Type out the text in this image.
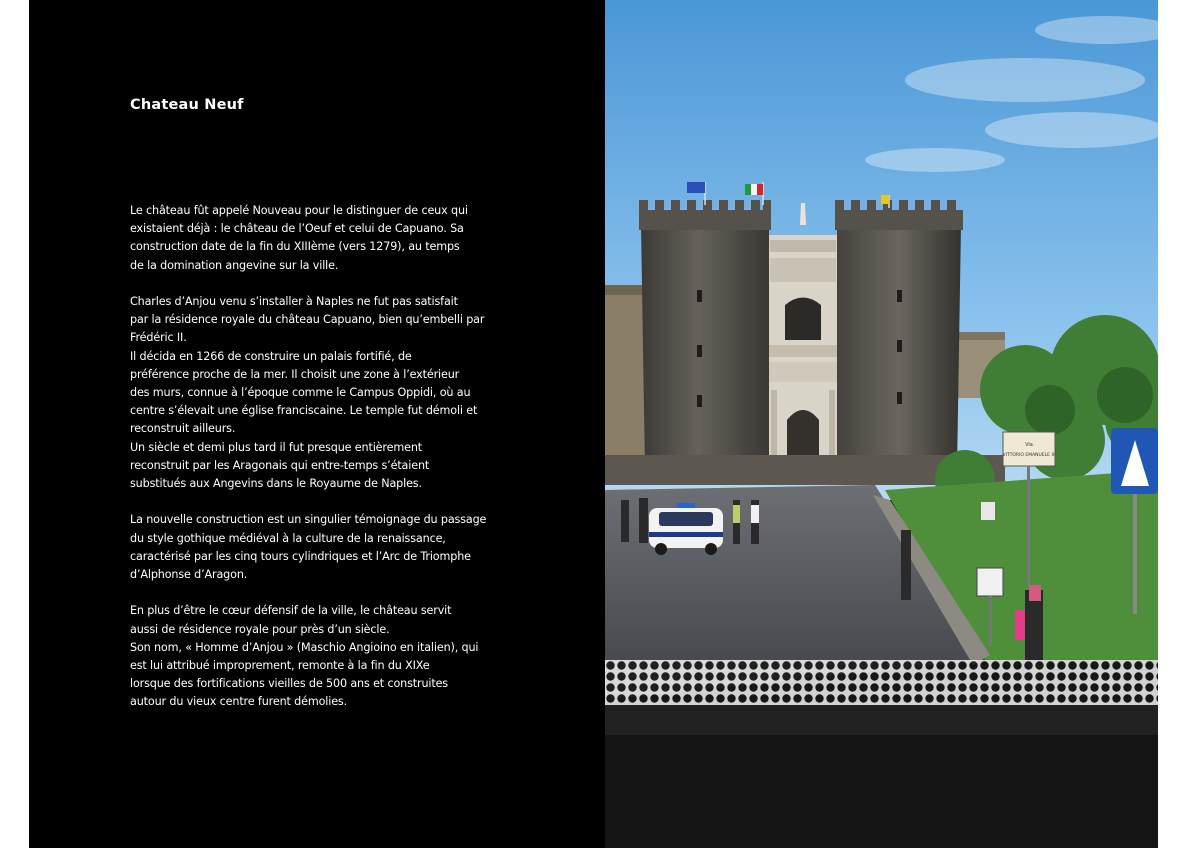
Chateau Neuf

Le château fût appelé Nouveau pour le distinguer de ceux qui
existaient déjà : le château de l’Oeuf et celui de Capuano. Sa
construction date de la fin du XIIIème (vers 1279), au temps
de la domination angevine sur la ville.

Charles d’Anjou venu s’installer à Naples ne fut pas satisfait
par la résidence royale du château Capuano, bien qu’embelli par
Frédéric II.
Il décida en 1266 de construire un palais fortifié, de
préférence proche de la mer. Il choisit une zone à l’extérieur
des murs, connue à l’époque comme le Campus Oppidi, où au
centre s’élevait une église franciscaine. Le temple fut démoli et
reconstruit ailleurs.
Un siècle et demi plus tard il fut presque entièrement
reconstruit par les Aragonais qui entre-temps s’étaient
substitués aux Angevins dans le Royaume de Naples.

La nouvelle construction est un singulier témoignage du passage
du style gothique médiéval à la culture de la renaissance,
caractérisé par les cinq tours cylindriques et l’Arc de Triomphe
d’Alphonse d’Aragon.

En plus d’être le cœur défensif de la ville, le château servit
aussi de résidence royale pour près d’un siècle.
Son nom, « Homme d’Anjou » (Maschio Angioino en italien), qui
est lui attribué improprement, remonte à la fin du XIXe
lorsque des fortifications vieilles de 500 ans et construites
autour du vieux centre furent démolies.

Via
VITTORIO EMANUELE III
